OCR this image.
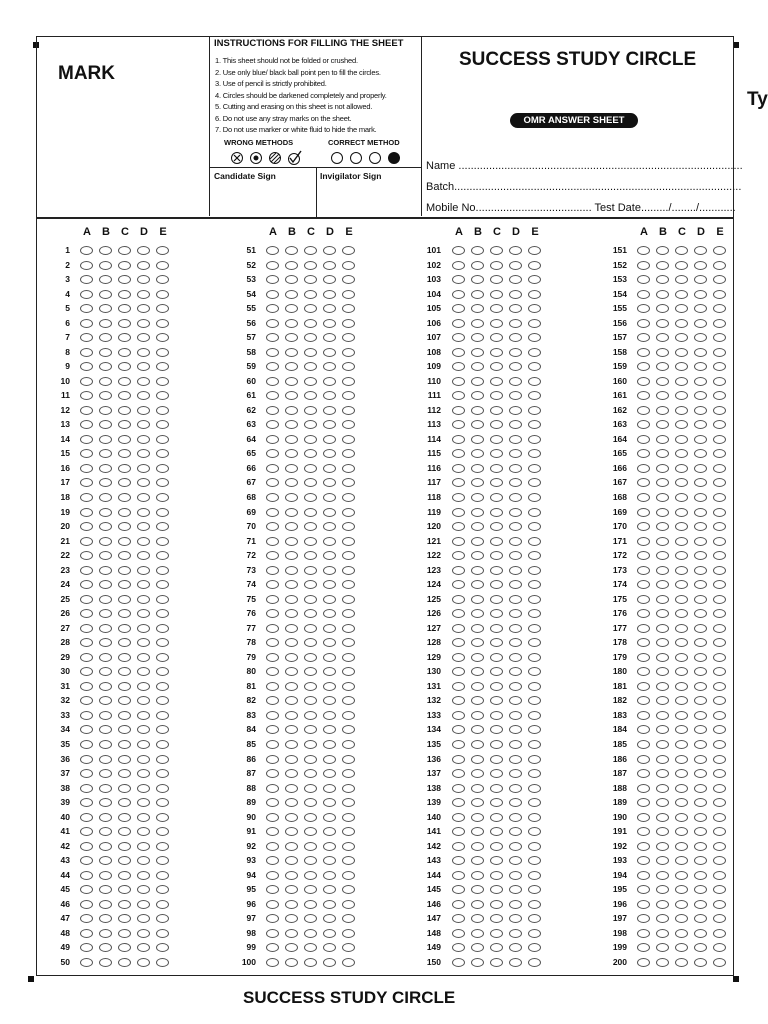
MARK
Ty
INSTRUCTIONS FOR FILLING THE SHEET
1. This sheet should not be folded or crushed.
2. Use only blue/ black ball point pen to fill the circles.
3. Use of pencil is strictly prohibited.
4. Circles should be darkened completely and properly.
5. Cutting and erasing on this sheet is not allowed.
6. Do not use any stray marks on the sheet.
7. Do not use marker or white fluid to hide the mark.
WRONG METHODS	CORRECT METHOD
Candidate Sign	Invigilator Sign
SUCCESS STUDY CIRCLE
OMR ANSWER SHEET
Name .............................................................................................
Batch..............................................................................................
Mobile No...................................... Test Date........./......../............
A B C D E
1
2
3
4
5
6
7
8
9
10
11
12
13
14
15
16
17
18
19
20
21
22
23
24
25
26
27
28
29
30
31
32
33
34
35
36
37
38
39
40
41
42
43
44
45
46
47
48
49
50
A B C D E
51
52
53
54
55
56
57
58
59
60
61
62
63
64
65
66
67
68
69
70
71
72
73
74
75
76
77
78
79
80
81
82
83
84
85
86
87
88
89
90
91
92
93
94
95
96
97
98
99
100
A B C D E
101
102
103
104
105
106
107
108
109
110
111
112
113
114
115
116
117
118
119
120
121
122
123
124
125
126
127
128
129
130
131
132
133
134
135
136
137
138
139
140
141
142
143
144
145
146
147
148
149
150
A B C D E
151
152
153
154
155
156
157
158
159
160
161
162
163
164
165
166
167
168
169
170
171
172
173
174
175
176
177
178
179
180
181
182
183
184
185
186
187
188
189
190
191
192
193
194
195
196
197
198
199
200
SUCCESS STUDY CIRCLE
